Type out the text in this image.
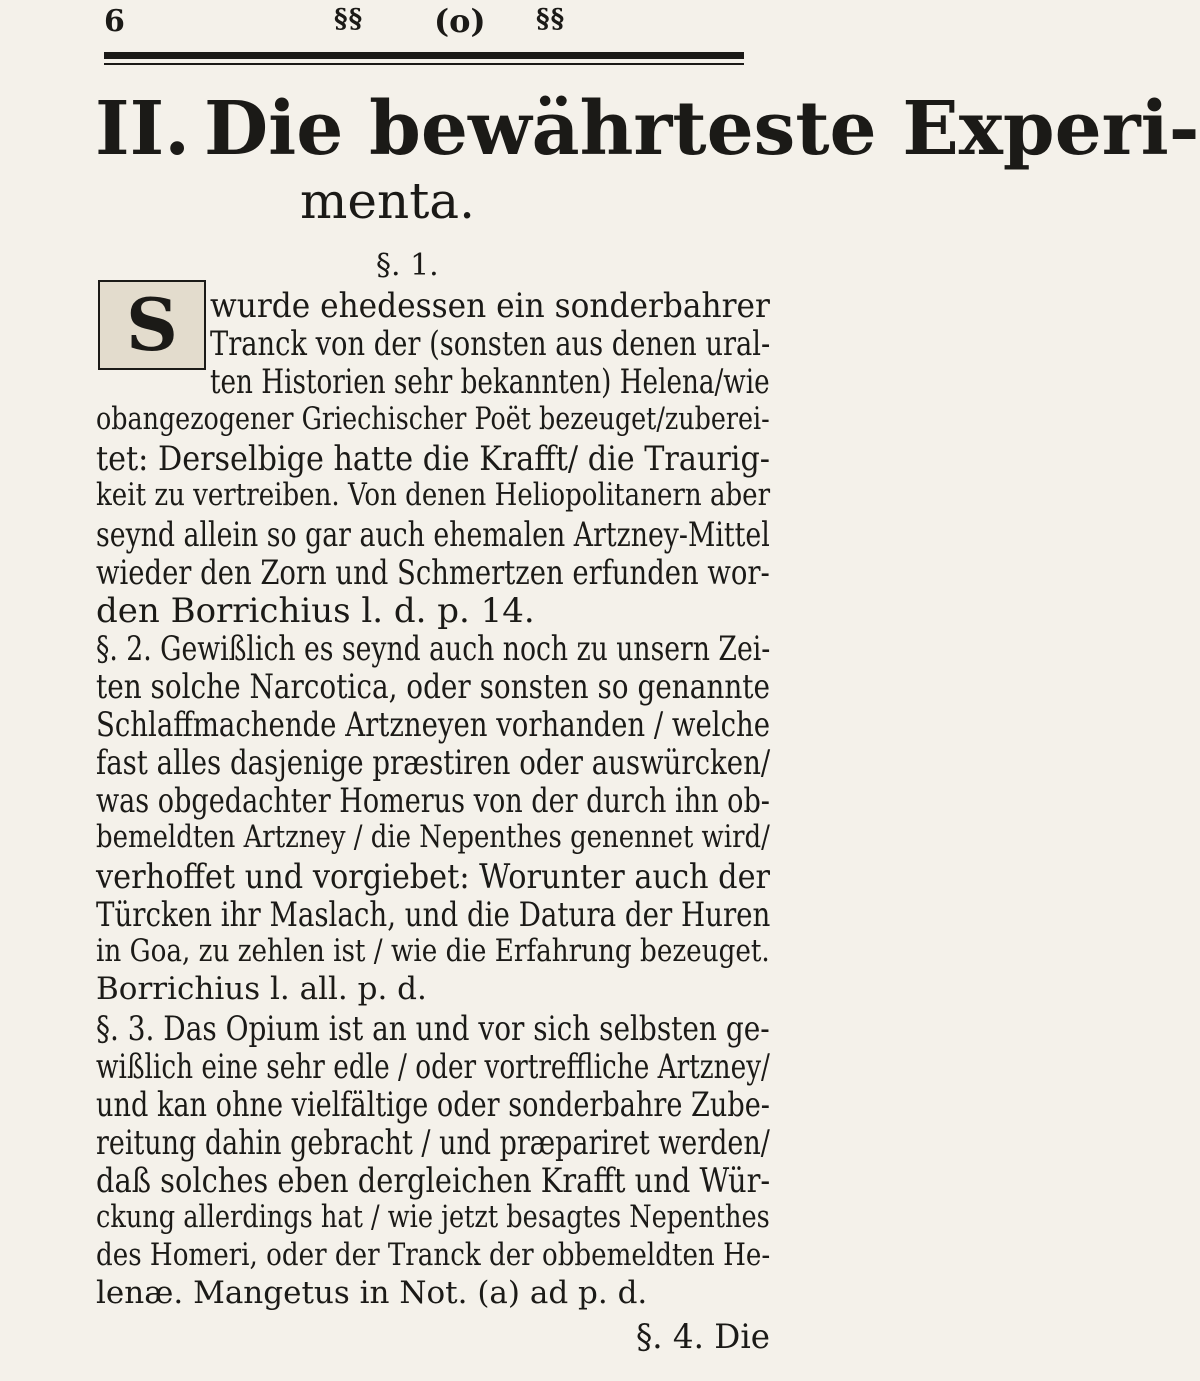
6	§§ (o) §§
II. Die bewährteste Experi-
menta.
§. 1.
S wurde ehedessen ein sonderbahrer
Tranck von der (sonsten aus denen ural-
ten Historien sehr bekannten) Helena/wie
obangezogener Griechischer Poët bezeuget/zuberei-
tet: Derselbige hatte die Krafft/ die Traurig-
keit zu vertreiben. Von denen Heliopolitanern aber
seynd allein so gar auch ehemalen Artzney-Mittel
wieder den Zorn und Schmertzen erfunden wor-
den Borrichius l. d. p. 14.
§. 2. Gewißlich es seynd auch noch zu unsern Zei-
ten solche Narcotica, oder sonsten so genannte
Schlaffmachende Artzneyen vorhanden / welche
fast alles dasjenige præstiren oder auswürcken/
was obgedachter Homerus von der durch ihn ob-
bemeldten Artzney / die Nepenthes genennet wird/
verhoffet und vorgiebet: Worunter auch der
Türcken ihr Maslach, und die Datura der Huren
in Goa, zu zehlen ist / wie die Erfahrung bezeuget.
Borrichius l. all. p. d.
§. 3. Das Opium ist an und vor sich selbsten ge-
wißlich eine sehr edle / oder vortreffliche Artzney/
und kan ohne vielfältige oder sonderbahre Zube-
reitung dahin gebracht / und præpariret werden/
daß solches eben dergleichen Krafft und Wür-
ckung allerdings hat / wie jetzt besagtes Nepenthes
des Homeri, oder der Tranck der obbemeldten He-
lenæ. Mangetus in Not. (a) ad p. d.
§. 4. Die
